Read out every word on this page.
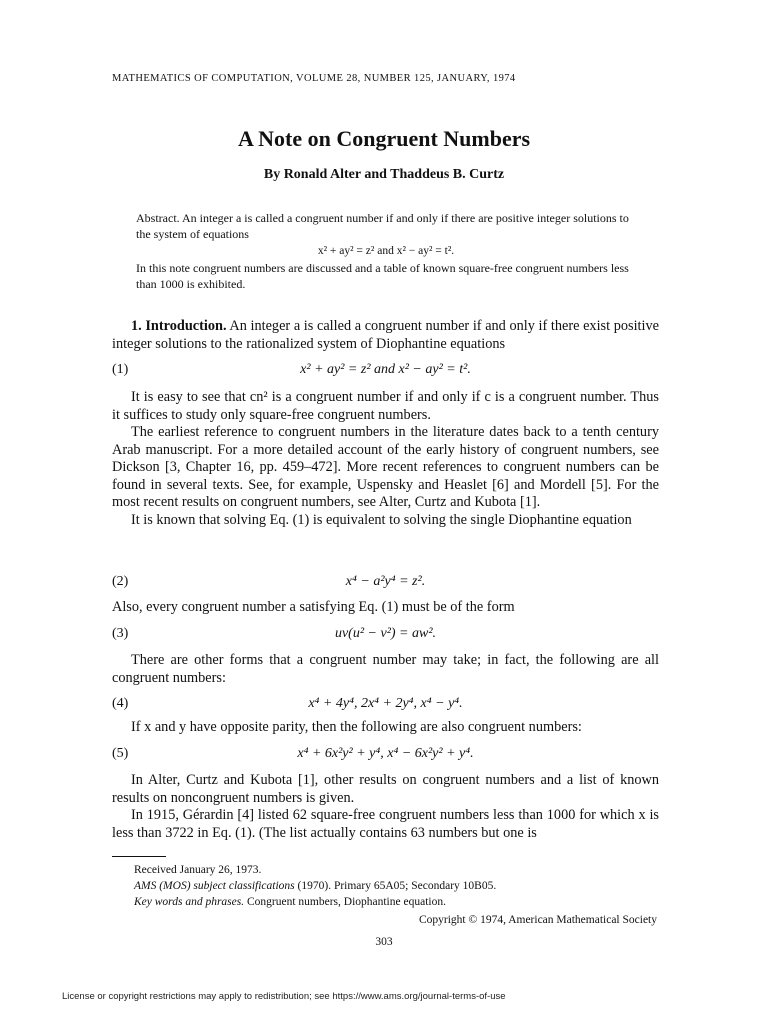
MATHEMATICS OF COMPUTATION, VOLUME 28, NUMBER 125, JANUARY, 1974
A Note on Congruent Numbers
By Ronald Alter and Thaddeus B. Curtz
Abstract. An integer a is called a congruent number if and only if there are positive integer solutions to the system of equations
x² + ay² = z² and x² − ay² = t².
In this note congruent numbers are discussed and a table of known square-free congruent numbers less than 1000 is exhibited.

1. Introduction. An integer a is called a congruent number if and only if there exist positive integer solutions to the rationalized system of Diophantine equations

(1)	x² + ay² = z² and x² − ay² = t².

It is easy to see that cn² is a congruent number if and only if c is a congruent number. Thus it suffices to study only square-free congruent numbers.

The earliest reference to congruent numbers in the literature dates back to a tenth century Arab manuscript. For a more detailed account of the early history of congruent numbers, see Dickson [3, Chapter 16, pp. 459–472]. More recent references to congruent numbers can be found in several texts. See, for example, Uspensky and Heaslet [6] and Mordell [5]. For the most recent results on congruent numbers, see Alter, Curtz and Kubota [1].

It is known that solving Eq. (1) is equivalent to solving the single Diophantine equation

(2)	x⁴ − a²y⁴ = z².

Also, every congruent number a satisfying Eq. (1) must be of the form

(3)	uv(u² − v²) = aw².

There are other forms that a congruent number may take; in fact, the following are all congruent numbers:

(4)	x⁴ + 4y⁴, 2x⁴ + 2y⁴, x⁴ − y⁴.

If x and y have opposite parity, then the following are also congruent numbers:

(5)	x⁴ + 6x²y² + y⁴, x⁴ − 6x²y² + y⁴.

In Alter, Curtz and Kubota [1], other results on congruent numbers and a list of known results on noncongruent numbers is given.

In 1915, Gérardin [4] listed 62 square-free congruent numbers less than 1000 for which x is less than 3722 in Eq. (1). (The list actually contains 63 numbers but one is

Received January 26, 1973.
AMS (MOS) subject classifications (1970). Primary 65A05; Secondary 10B05.
Key words and phrases. Congruent numbers, Diophantine equation.
Copyright © 1974, American Mathematical Society
303
License or copyright restrictions may apply to redistribution; see https://www.ams.org/journal-terms-of-use
